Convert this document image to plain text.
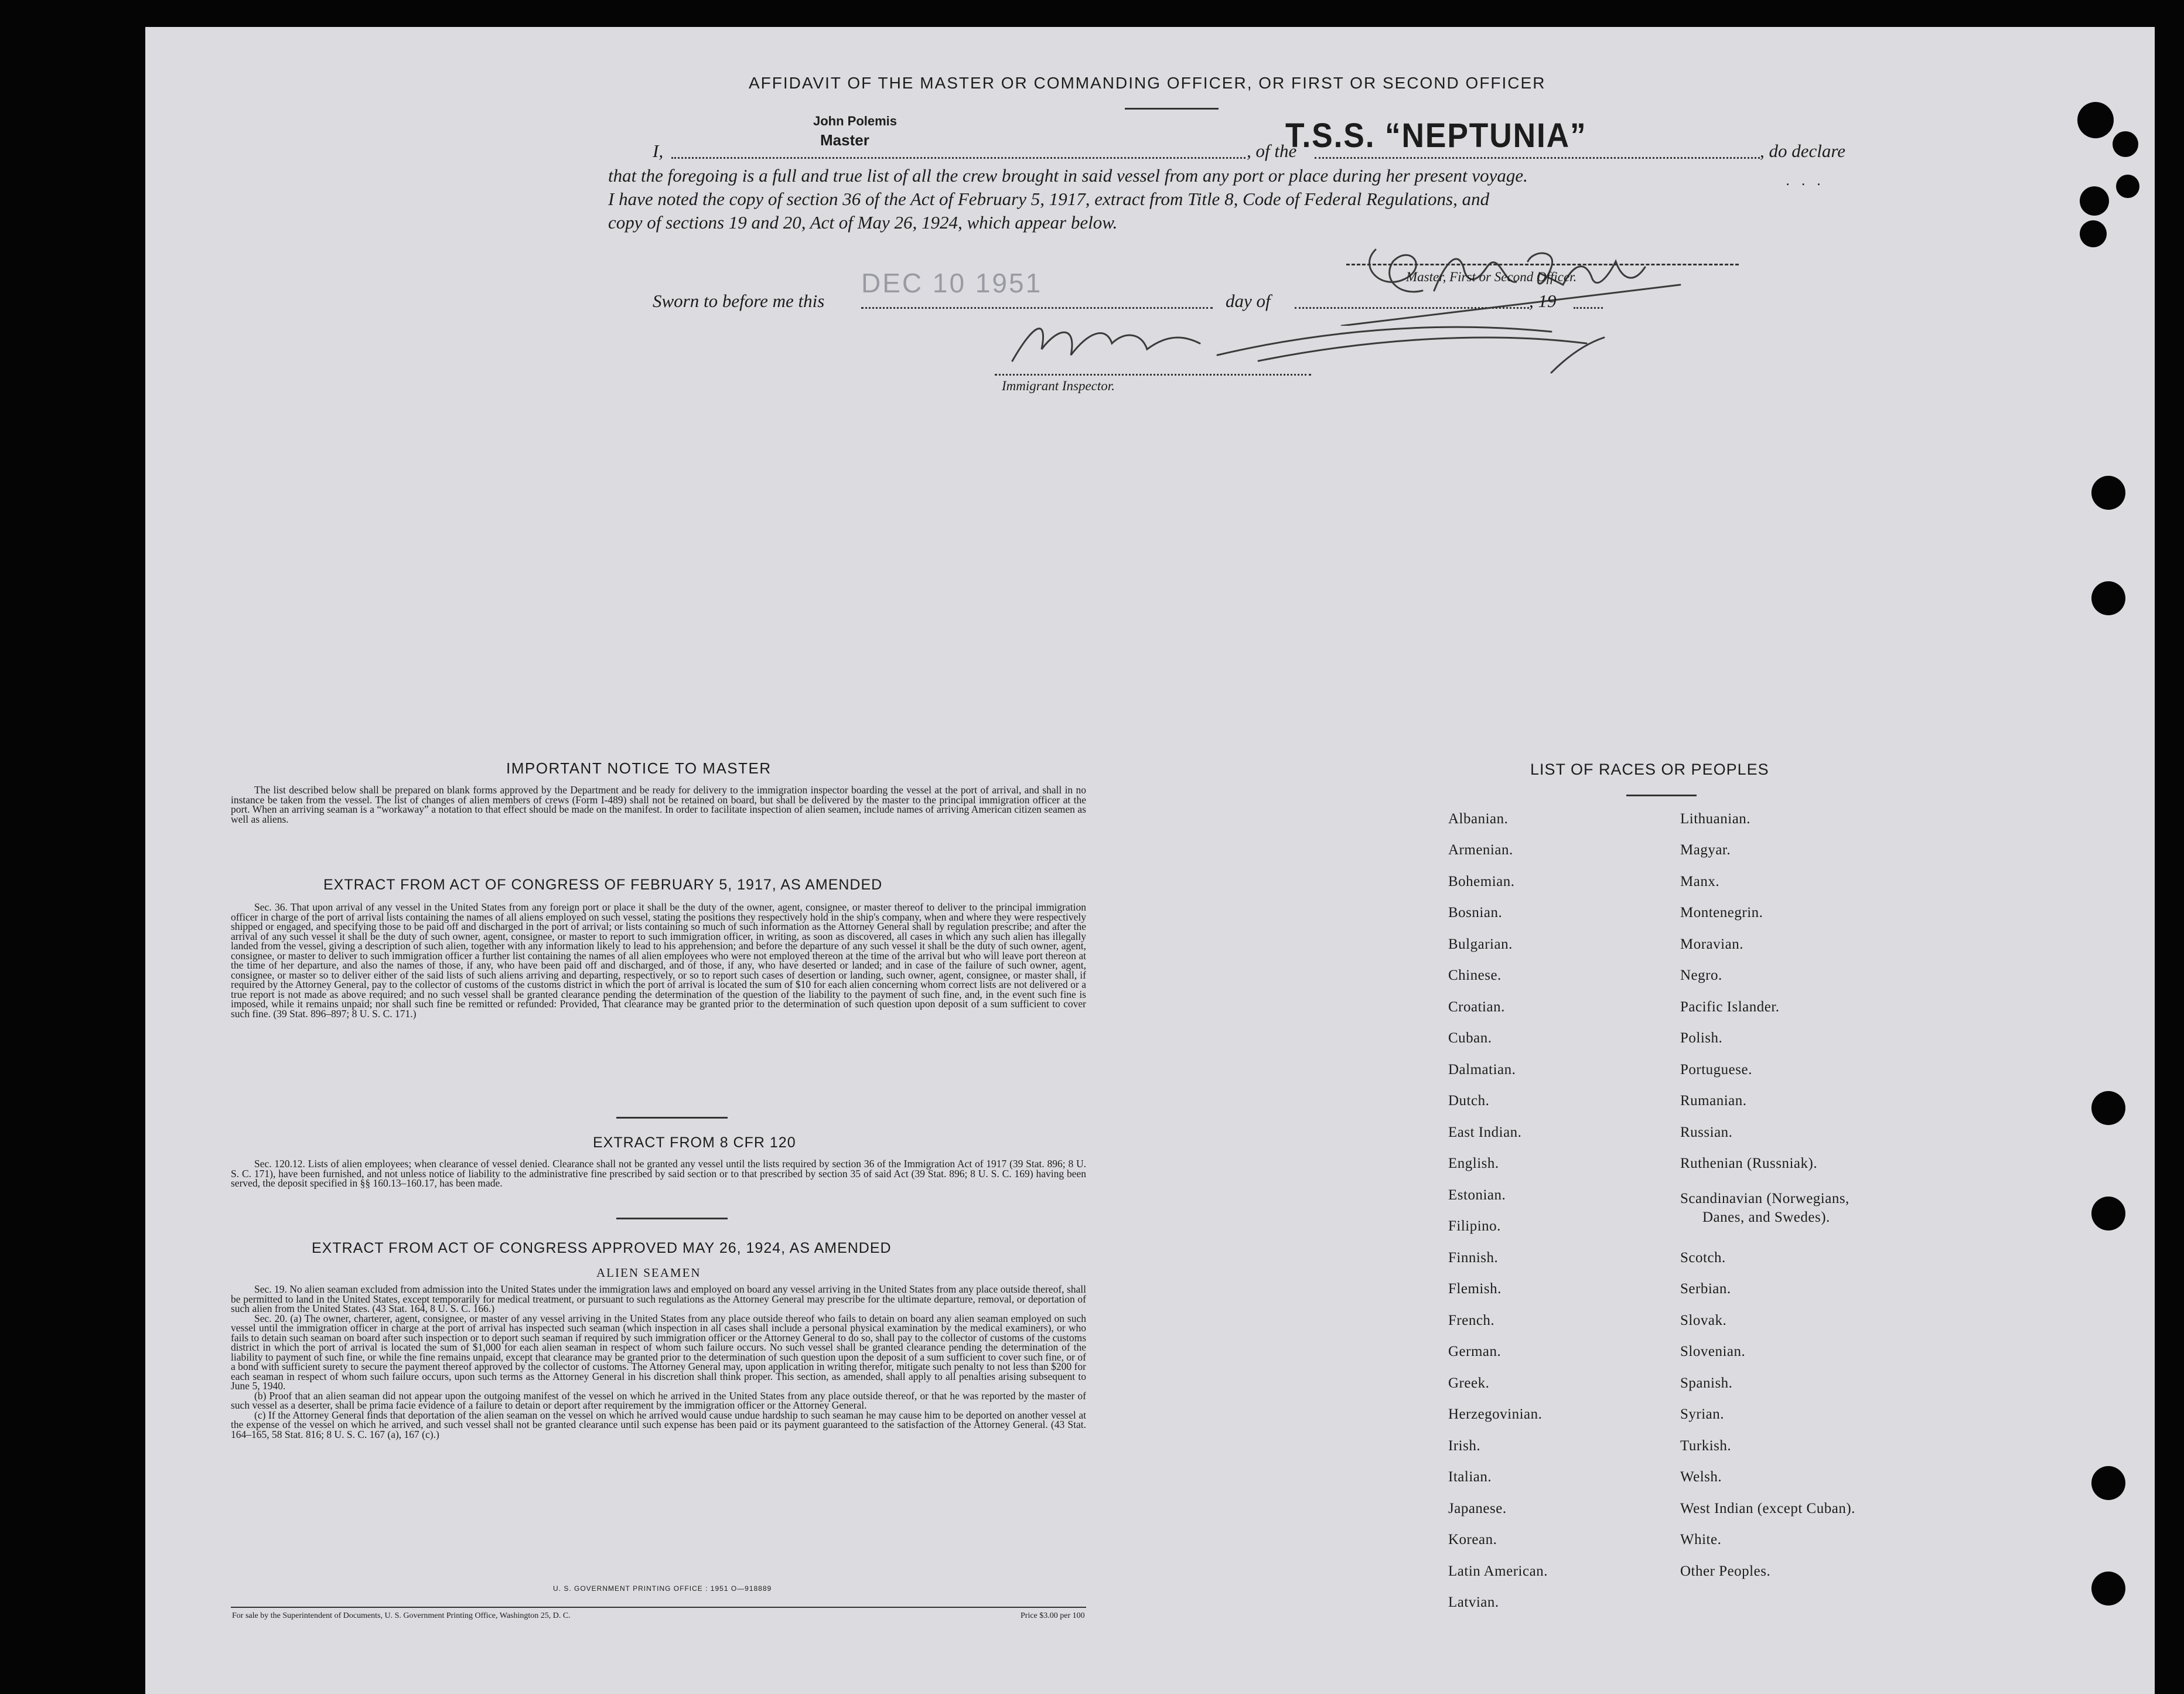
AFFIDAVIT OF THE MASTER OR COMMANDING OFFICER, OR FIRST OR SECOND OFFICER
John Polemis
Master
I,	, of the
T.S.S. “NEPTUNIA”	, do declare
that the foregoing is a full and true list of all the crew brought in said vessel from any port or place during her present voyage.
I have noted the copy of section 36 of the Act of February 5, 1917, extract from Title 8, Code of Federal Regulations, and
copy of sections 19 and 20, Act of May 26, 1924, which appear below.
. . .
Master, First or Second Officer.
Sworn to before me this
DEC 10 1951
day of	, 19
Immigrant Inspector.
IMPORTANT NOTICE TO MASTER

The list described below shall be prepared on blank forms approved by the Department and be ready for delivery to the immigration inspector boarding the vessel at the port of arrival, and shall in no instance be taken from the vessel. The list of changes of alien members of crews (Form I-489) shall not be retained on board, but shall be delivered by the master to the principal immigration officer at the port. When an arriving seaman is a “workaway” a notation to that effect should be made on the manifest. In order to facilitate inspection of alien seamen, include names of arriving American citizen seamen as well as aliens.

EXTRACT FROM ACT OF CONGRESS OF FEBRUARY 5, 1917, AS AMENDED

Sec. 36. That upon arrival of any vessel in the United States from any foreign port or place it shall be the duty of the owner, agent, consignee, or master thereof to deliver to the principal immigration officer in charge of the port of arrival lists containing the names of all aliens employed on such vessel, stating the positions they respectively hold in the ship's company, when and where they were respectively shipped or engaged, and specifying those to be paid off and discharged in the port of arrival; or lists containing so much of such information as the Attorney General shall by regulation prescribe; and after the arrival of any such vessel it shall be the duty of such owner, agent, consignee, or master to report to such immigration officer, in writing, as soon as discovered, all cases in which any such alien has illegally landed from the vessel, giving a description of such alien, together with any information likely to lead to his apprehension; and before the departure of any such vessel it shall be the duty of such owner, agent, consignee, or master to deliver to such immigration officer a further list containing the names of all alien employees who were not employed thereon at the time of the arrival but who will leave port thereon at the time of her departure, and also the names of those, if any, who have been paid off and discharged, and of those, if any, who have deserted or landed; and in case of the failure of such owner, agent, consignee, or master so to deliver either of the said lists of such aliens arriving and departing, respectively, or so to report such cases of desertion or landing, such owner, agent, consignee, or master shall, if required by the Attorney General, pay to the collector of customs of the customs district in which the port of arrival is located the sum of $10 for each alien concerning whom correct lists are not delivered or a true report is not made as above required; and no such vessel shall be granted clearance pending the determination of the question of the liability to the payment of such fine, and, in the event such fine is imposed, while it remains unpaid; nor shall such fine be remitted or refunded: Provided, That clearance may be granted prior to the determination of such question upon deposit of a sum sufficient to cover such fine. (39 Stat. 896–897; 8 U. S. C. 171.)

EXTRACT FROM 8 CFR 120

Sec. 120.12. Lists of alien employees; when clearance of vessel denied. Clearance shall not be granted any vessel until the lists required by section 36 of the Immigration Act of 1917 (39 Stat. 896; 8 U. S. C. 171), have been furnished, and not unless notice of liability to the administrative fine prescribed by said section or to that prescribed by section 35 of said Act (39 Stat. 896; 8 U. S. C. 169) having been served, the deposit specified in §§ 160.13–160.17, has been made.

EXTRACT FROM ACT OF CONGRESS APPROVED MAY 26, 1924, AS AMENDED
ALIEN SEAMEN

Sec. 19. No alien seaman excluded from admission into the United States under the immigration laws and employed on board any vessel arriving in the United States from any place outside thereof, shall be permitted to land in the United States, except temporarily for medical treatment, or pursuant to such regulations as the Attorney General may prescribe for the ultimate departure, removal, or deportation of such alien from the United States. (43 Stat. 164, 8 U. S. C. 166.)

Sec. 20. (a) The owner, charterer, agent, consignee, or master of any vessel arriving in the United States from any place outside thereof who fails to detain on board any alien seaman employed on such vessel until the immigration officer in charge at the port of arrival has inspected such seaman (which inspection in all cases shall include a personal physical examination by the medical examiners), or who fails to detain such seaman on board after such inspection or to deport such seaman if required by such immigration officer or the Attorney General to do so, shall pay to the collector of customs of the customs district in which the port of arrival is located the sum of $1,000 for each alien seaman in respect of whom such failure occurs. No such vessel shall be granted clearance pending the determination of the liability to payment of such fine, or while the fine remains unpaid, except that clearance may be granted prior to the determination of such question upon the deposit of a sum sufficient to cover such fine, or of a bond with sufficient surety to secure the payment thereof approved by the collector of customs. The Attorney General may, upon application in writing therefor, mitigate such penalty to not less than $200 for each seaman in respect of whom such failure occurs, upon such terms as the Attorney General in his discretion shall think proper. This section, as amended, shall apply to all penalties arising subsequent to June 5, 1940.

(b) Proof that an alien seaman did not appear upon the outgoing manifest of the vessel on which he arrived in the United States from any place outside thereof, or that he was reported by the master of such vessel as a deserter, shall be prima facie evidence of a failure to detain or deport after requirement by the immigration officer or the Attorney General.

(c) If the Attorney General finds that deportation of the alien seaman on the vessel on which he arrived would cause undue hardship to such seaman he may cause him to be deported on another vessel at the expense of the vessel on which he arrived, and such vessel shall not be granted clearance until such expense has been paid or its payment guaranteed to the satisfaction of the Attorney General. (43 Stat. 164–165, 58 Stat. 816; 8 U. S. C. 167 (a), 167 (c).)

U. S. GOVERNMENT PRINTING OFFICE : 1951 O—918889
For sale by the Superintendent of Documents, U. S. Government Printing Office, Washington 25, D. C.	Price $3.00 per 100
LIST OF RACES OR PEOPLES
Albanian.
Armenian.
Bohemian.
Bosnian.
Bulgarian.
Chinese.
Croatian.
Cuban.
Dalmatian.
Dutch.
East Indian.
English.
Estonian.
Filipino.
Finnish.
Flemish.
French.
German.
Greek.
Herzegovinian.
Irish.
Italian.
Japanese.
Korean.
Latin American.
Latvian.
Lithuanian.
Magyar.
Manx.
Montenegrin.
Moravian.
Negro.
Pacific Islander.
Polish.
Portuguese.
Rumanian.
Russian.
Ruthenian (Russniak).
Scandinavian (Norwegians,
Danes, and Swedes).
Scotch.
Serbian.
Slovak.
Slovenian.
Spanish.
Syrian.
Turkish.
Welsh.
West Indian (except Cuban).
White.
Other Peoples.
